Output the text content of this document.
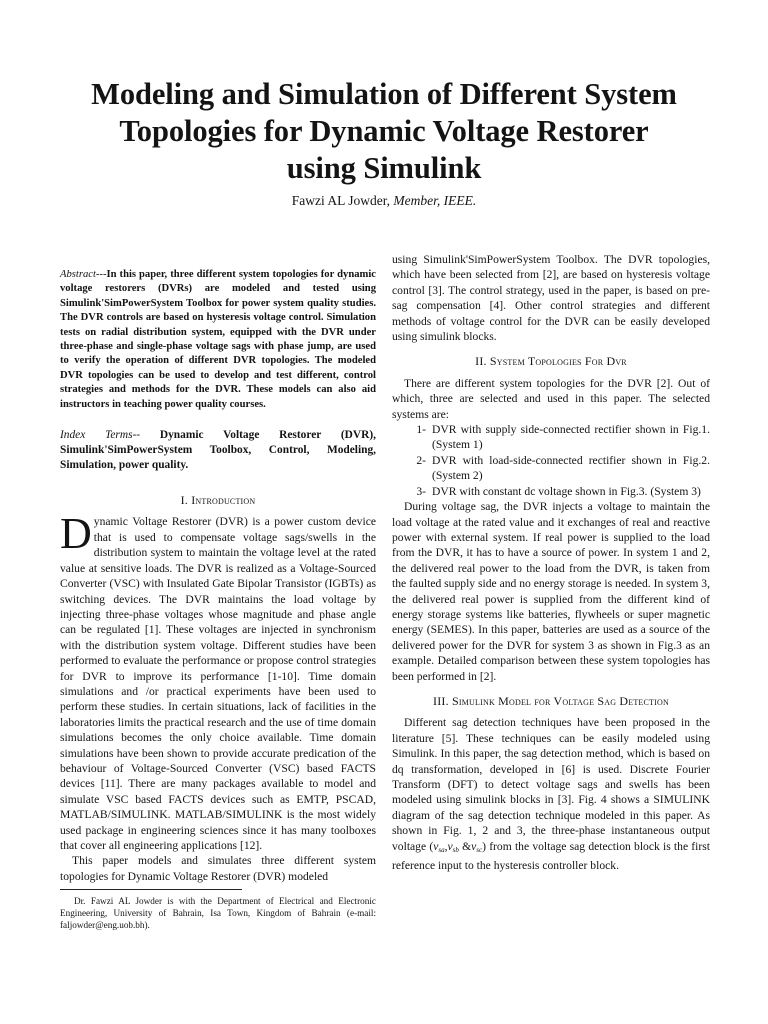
Modeling and Simulation of Different System
Topologies for Dynamic Voltage Restorer
using Simulink
Fawzi AL Jowder, Member, IEEE.

Abstract---In this paper, three different system topologies for dynamic voltage restorers (DVRs) are modeled and tested using Simulink'SimPowerSystem Toolbox for power system quality studies. The DVR controls are based on hysteresis voltage control. Simulation tests on radial distribution system, equipped with the DVR under three-phase and single-phase voltage sags with phase jump, are used to verify the operation of different DVR topologies. The modeled DVR topologies can be used to develop and test different, control strategies and methods for the DVR. These models can also aid instructors in teaching power quality courses.

Index Terms-- Dynamic Voltage Restorer (DVR), Simulink'SimPowerSystem Toolbox, Control, Modeling, Simulation, power quality.

I. Introduction

Dynamic Voltage Restorer (DVR) is a power custom device that is used to compensate voltage sags/swells in the distribution system to maintain the voltage level at the rated value at sensitive loads. The DVR is realized as a Voltage-Sourced Converter (VSC) with Insulated Gate Bipolar Transistor (IGBTs) as switching devices. The DVR maintains the load voltage by injecting three-phase voltages whose magnitude and phase angle can be regulated [1]. These voltages are injected in synchronism with the distribution system voltage. Different studies have been performed to evaluate the performance or propose control strategies for DVR to improve its performance [1-10]. Time domain simulations and /or practical experiments have been used to perform these studies. In certain situations, lack of facilities in the laboratories limits the practical research and the use of time domain simulations becomes the only choice available. Time domain simulations have been shown to provide accurate predication of the behaviour of Voltage-Sourced Converter (VSC) based FACTS devices [11]. There are many packages available to model and simulate VSC based FACTS devices such as EMTP, PSCAD, MATLAB/SIMULINK. MATLAB/SIMULINK is the most widely used package in engineering sciences since it has many toolboxes that cover all engineering applications [12].

This paper models and simulates three different system topologies for Dynamic Voltage Restorer (DVR) modeled

Dr. Fawzi AL Jowder is with the Department of Electrical and Electronic Engineering, University of Bahrain, Isa Town, Kingdom of Bahrain (e-mail: faljowder@eng.uob.bh).

using Simulink'SimPowerSystem Toolbox. The DVR topologies, which have been selected from [2], are based on hysteresis voltage control [3]. The control strategy, used in the paper, is based on pre-sag compensation [4]. Other control strategies and different methods of voltage control for the DVR can be easily developed using simulink blocks.

II. System Topologies For Dvr

There are different system topologies for the DVR [2]. Out of which, three are selected and used in this paper. The selected systems are:

1- DVR with supply side-connected rectifier shown in Fig.1. (System 1)
2- DVR with load-side-connected rectifier shown in Fig.2. (System 2)
3- DVR with constant dc voltage shown in Fig.3. (System 3)

During voltage sag, the DVR injects a voltage to maintain the load voltage at the rated value and it exchanges of real and reactive power with external system. If real power is supplied to the load from the DVR, it has to have a source of power. In system 1 and 2, the delivered real power to the load from the DVR, is taken from the faulted supply side and no energy storage is needed. In system 3, the delivered real power is supplied from the different kind of energy storage systems like batteries, flywheels or super magnetic energy (SEMES). In this paper, batteries are used as a source of the delivered power for the DVR for system 3 as shown in Fig.3 as an example. Detailed comparison between these system topologies has been performed in [2].

III. Simulink Model for Voltage Sag Detection

Different sag detection techniques have been proposed in the literature [5]. These techniques can be easily modeled using Simulink. In this paper, the sag detection method, which is based on dq transformation, developed in [6] is used. Discrete Fourier Transform (DFT) to detect voltage sags and swells has been modeled using simulink blocks in [3]. Fig. 4 shows a SIMULINK diagram of the sag detection technique modeled in this paper. As shown in Fig. 1, 2 and 3, the three-phase instantaneous output voltage ($v_{sa},v_{sb}$ $\&v_{sc}$) from the voltage sag detection block is the first reference input to the hysteresis controller block.
